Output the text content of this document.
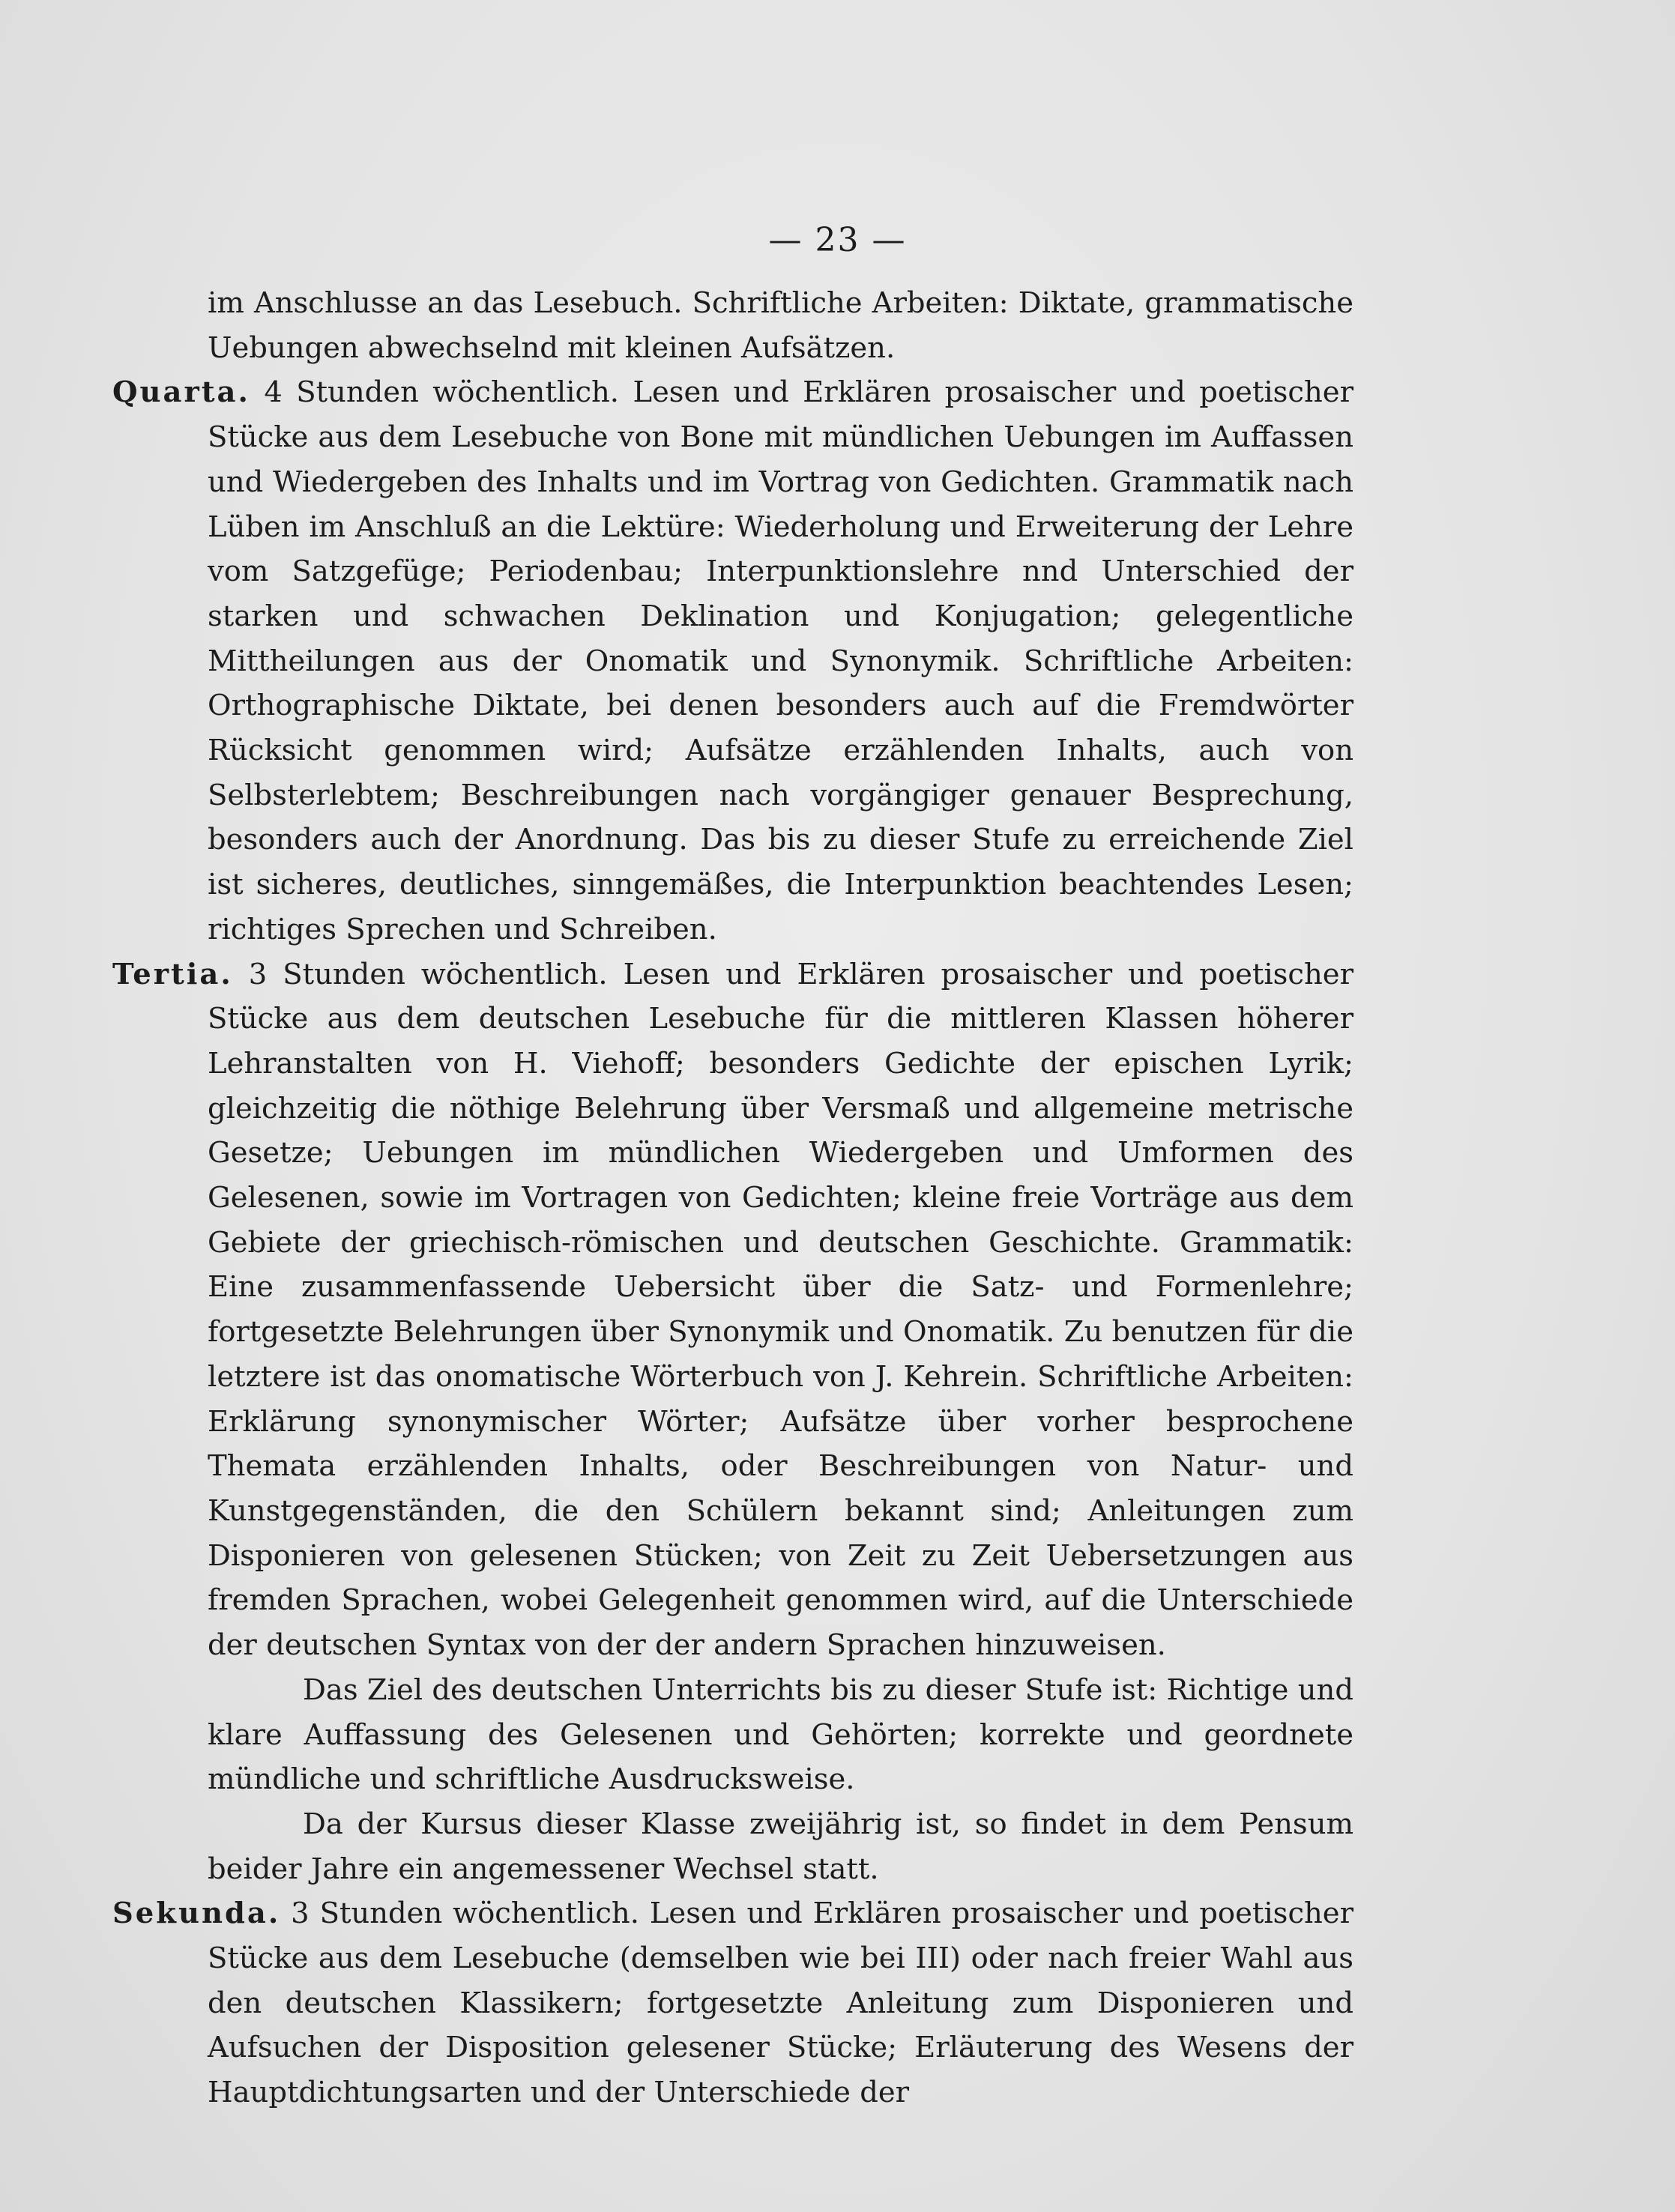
— 23 —

im Anschlusse an das Lesebuch. Schriftliche Arbeiten: Diktate, grammatische Uebungen abwechselnd mit kleinen Aufsätzen.

Quarta. 4 Stunden wöchentlich. Lesen und Erklären prosaischer und poetischer Stücke aus dem Lesebuche von Bone mit mündlichen Uebungen im Auffassen und Wiedergeben des Inhalts und im Vortrag von Gedichten. Grammatik nach Lüben im Anschluß an die Lektüre: Wiederholung und Erweiterung der Lehre vom Satzgefüge; Periodenbau; Interpunktionslehre nnd Unterschied der starken und schwachen Deklination und Konjugation; gelegentliche Mittheilungen aus der Onomatik und Synonymik. Schriftliche Arbeiten: Orthographische Diktate, bei denen besonders auch auf die Fremdwörter Rücksicht genommen wird; Aufsätze erzählenden Inhalts, auch von Selbsterlebtem; Beschreibungen nach vorgängiger genauer Besprechung, besonders auch der Anordnung. Das bis zu dieser Stufe zu erreichende Ziel ist sicheres, deutliches, sinngemäßes, die Interpunktion beachtendes Lesen; richtiges Sprechen und Schreiben.

Tertia. 3 Stunden wöchentlich. Lesen und Erklären prosaischer und poetischer Stücke aus dem deutschen Lesebuche für die mittleren Klassen höherer Lehranstalten von H. Viehoff; besonders Gedichte der epischen Lyrik; gleichzeitig die nöthige Belehrung über Versmaß und allgemeine metrische Gesetze; Uebungen im mündlichen Wiedergeben und Umformen des Gelesenen, sowie im Vortragen von Gedichten; kleine freie Vorträge aus dem Gebiete der griechisch-römischen und deutschen Geschichte. Grammatik: Eine zusammenfassende Uebersicht über die Satz- und Formenlehre; fortgesetzte Belehrungen über Synonymik und Onomatik. Zu benutzen für die letztere ist das onomatische Wörterbuch von J. Kehrein. Schriftliche Arbeiten: Erklärung synonymischer Wörter; Aufsätze über vorher besprochene Themata erzählenden Inhalts, oder Beschreibungen von Natur- und Kunstgegenständen, die den Schülern bekannt sind; Anleitungen zum Disponieren von gelesenen Stücken; von Zeit zu Zeit Uebersetzungen aus fremden Sprachen, wobei Gelegenheit genommen wird, auf die Unterschiede der deutschen Syntax von der der andern Sprachen hinzuweisen.

Das Ziel des deutschen Unterrichts bis zu dieser Stufe ist: Richtige und klare Auffassung des Gelesenen und Gehörten; korrekte und geordnete mündliche und schriftliche Ausdrucksweise.

Da der Kursus dieser Klasse zweijährig ist, so findet in dem Pensum beider Jahre ein angemessener Wechsel statt.

Sekunda. 3 Stunden wöchentlich. Lesen und Erklären prosaischer und poetischer Stücke aus dem Lesebuche (demselben wie bei III) oder nach freier Wahl aus den deutschen Klassikern; fortgesetzte Anleitung zum Disponieren und Aufsuchen der Disposition gelesener Stücke; Erläuterung des Wesens der Hauptdichtungsarten und der Unterschiede der
